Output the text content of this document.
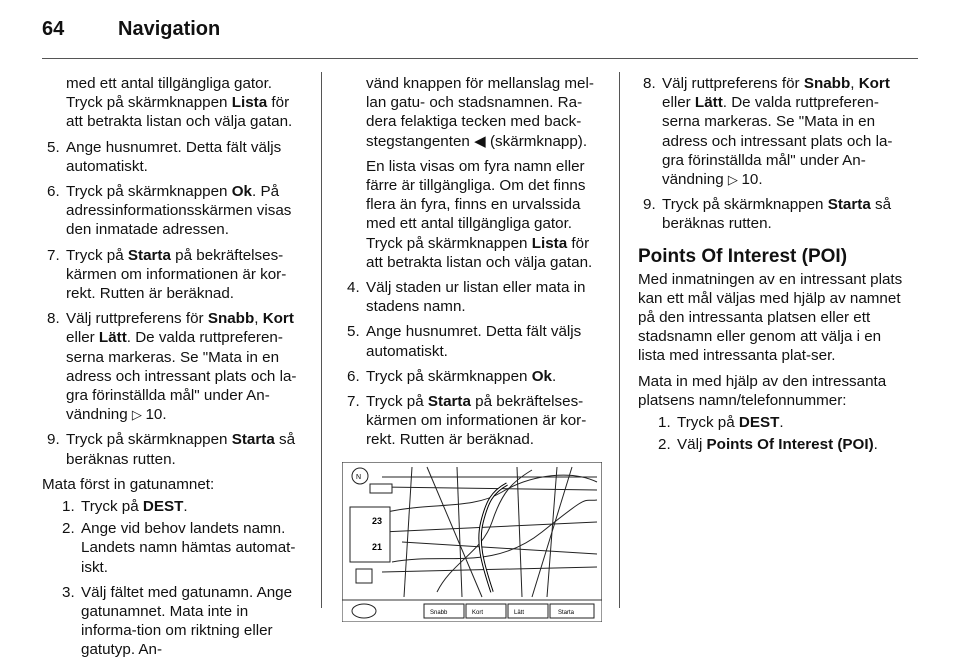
64	Navigation

med ett antal tillgängliga gator. Tryck på skärmknappen Lista för att betrakta listan och välja gatan.

5. Ange husnumret. Detta fält väljs automatiskt.
6. Tryck på skärmknappen Ok. På adressinformationsskärmen visas den inmatade adressen.
7. Tryck på Starta på bekräftelses-kärmen om informationen är kor-rekt. Rutten är beräknad.
8. Välj ruttpreferens för Snabb, Kort eller Lätt. De valda ruttpreferen-serna markeras. Se "Mata in en adress och intressant plats och la-gra förinställda mål" under An-vändning ▷ 10.
9. Tryck på skärmknappen Starta så beräknas rutten.

Mata först in gatunamnet:

1. Tryck på DEST.
2. Ange vid behov landets namn. Landets namn hämtas automat-iskt.
3. Välj fältet med gatunamn. Ange gatunamnet. Mata inte in informa-tion om riktning eller gatutyp. An-

vänd knappen för mellanslag mel-lan gatu- och stadsnamnen. Ra-dera felaktiga tecken med back-stegstangenten ◀ (skärmknapp).

En lista visas om fyra namn eller färre är tillgängliga. Om det finns flera än fyra, finns en urvalssida med ett antal tillgängliga gator. Tryck på skärmknappen Lista för att betrakta listan och välja gatan.

4. Välj staden ur listan eller mata in stadens namn.
5. Ange husnumret. Detta fält väljs automatiskt.
6. Tryck på skärmknappen Ok.
7. Tryck på Starta på bekräftelses-kärmen om informationen är kor-rekt. Rutten är beräknad.
N
23
21
Snabb	Kort	Lätt	Starta
8. Välj ruttpreferens för Snabb, Kort eller Lätt. De valda ruttpreferen-serna markeras. Se "Mata in en adress och intressant plats och la-gra förinställda mål" under An-vändning ▷ 10.
9. Tryck på skärmknappen Starta så beräknas rutten.
Points Of Interest (POI)

Med inmatningen av en intressant plats kan ett mål väljas med hjälp av namnet på den intressanta platsen eller ett stadsnamn eller genom att välja i en lista med intressanta plat-ser.

Mata in med hjälp av den intressanta platsens namn/telefonnummer:

1. Tryck på DEST.
2. Välj Points Of Interest (POI).
